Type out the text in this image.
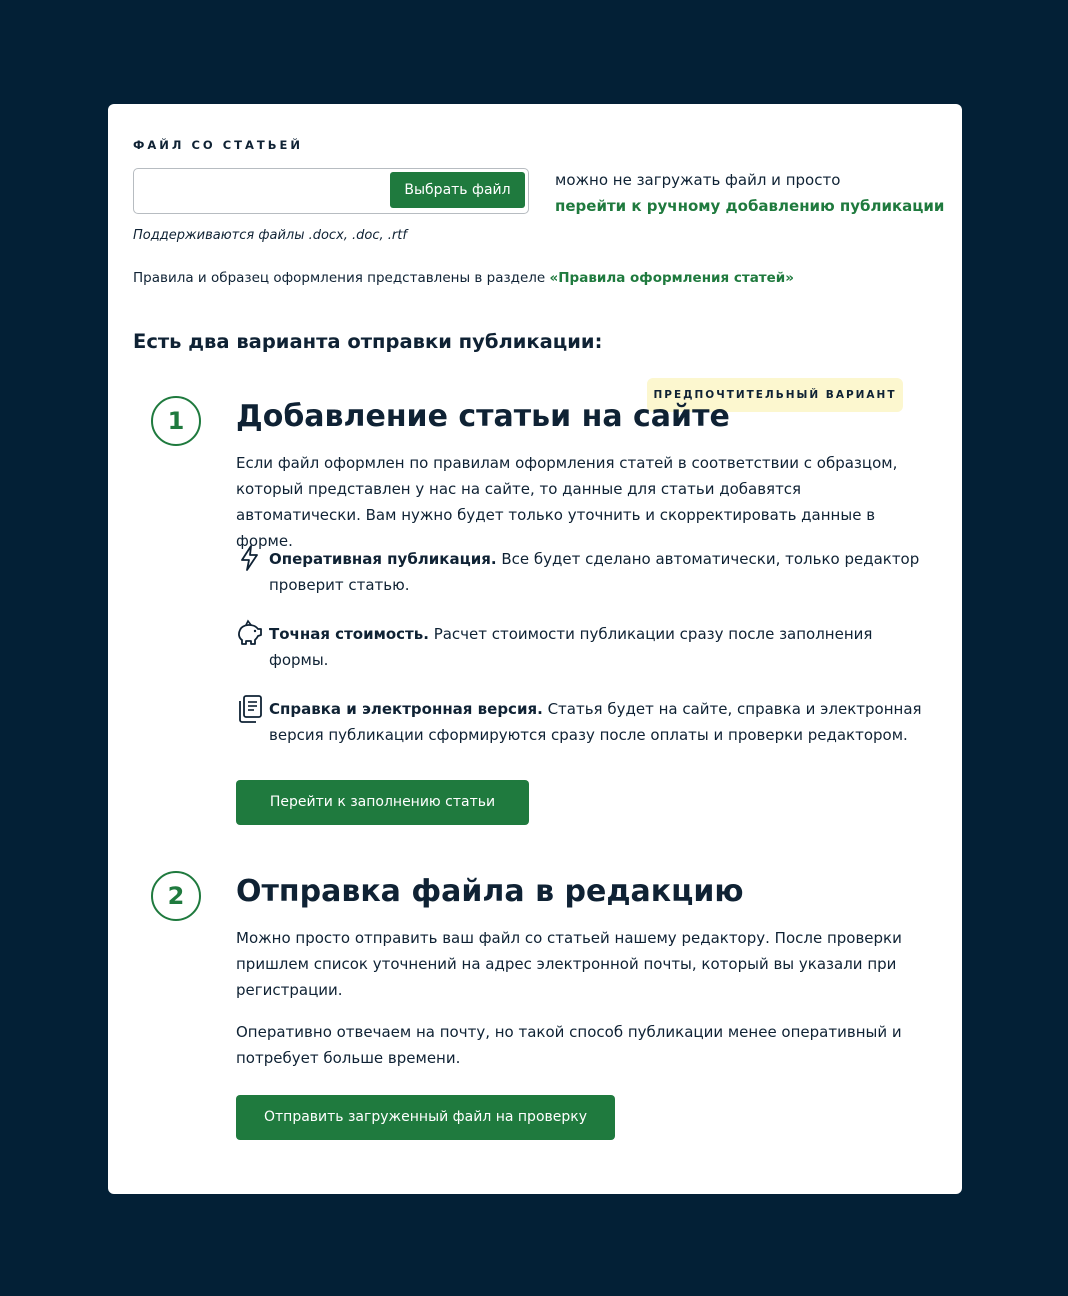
ФАЙЛ СО СТАТЬЕЙ
Выбрать файл
можно не загружать файл и просто
перейти к ручному добавлению публикации
Поддерживаются файлы .docx, .doc, .rtf
Правила и образец оформления представлены в разделе «Правила оформления статей»
Есть два варианта отправки публикации:
ПРЕДПОЧТИТЕЛЬНЫЙ ВАРИАНТ
1	Добавление статьи на сайте
Если файл оформлен по правилам оформления статей в соответствии с образцом, который представлен у нас на сайте, то данные для статьи добавятся автоматически. Вам нужно будет только уточнить и скорректировать данные в форме.
Оперативная публикация. Все будет сделано автоматически, только редактор проверит статью.
Точная стоимость. Расчет стоимости публикации сразу после заполнения формы.
Справка и электронная версия. Статья будет на сайте, справка и электронная версия публикации сформируются сразу после оплаты и проверки редактором.
Перейти к заполнению статьи
2	Отправка файла в редакцию
Можно просто отправить ваш файл со статьей нашему редактору. После проверки пришлем список уточнений на адрес электронной почты, который вы указали при регистрации.
Оперативно отвечаем на почту, но такой способ публикации менее оперативный и потребует больше времени.
Отправить загруженный файл на проверку
